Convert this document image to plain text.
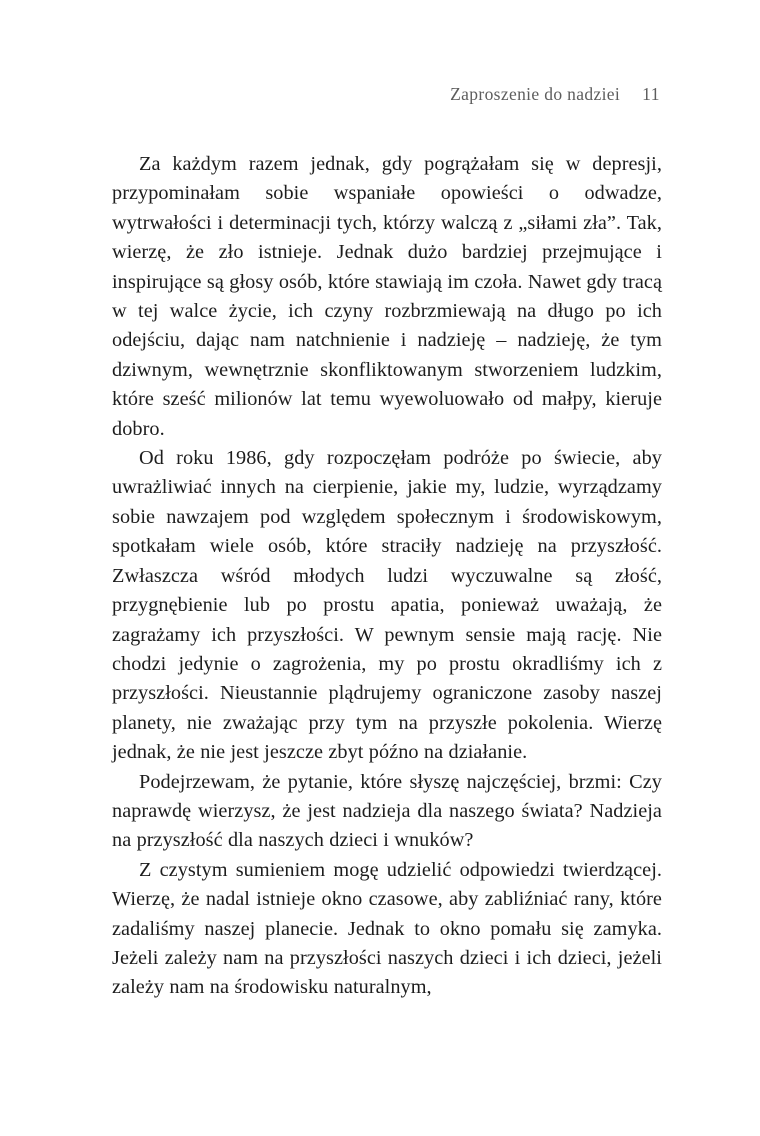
Zaproszenie do nadziei 11

Za każdym razem jednak, gdy pogrążałam się w depresji, przypominałam sobie wspaniałe opowieści o odwadze, wytrwałości i determinacji tych, którzy walczą z „siłami zła”. Tak, wierzę, że zło istnieje. Jednak dużo bardziej przejmujące i inspirujące są głosy osób, które stawiają im czoła. Nawet gdy tracą w tej walce życie, ich czyny rozbrzmiewają na długo po ich odejściu, dając nam natchnienie i nadzieję – nadzieję, że tym dziwnym, wewnętrznie skonfliktowanym stworzeniem ludzkim, które sześć milionów lat temu wyewoluowało od małpy, kieruje dobro.

Od roku 1986, gdy rozpoczęłam podróże po świecie, aby uwrażliwiać innych na cierpienie, jakie my, ludzie, wyrządzamy sobie nawzajem pod względem społecznym i środowiskowym, spotkałam wiele osób, które straciły nadzieję na przyszłość. Zwłaszcza wśród młodych ludzi wyczuwalne są złość, przygnębienie lub po prostu apatia, ponieważ uważają, że zagrażamy ich przyszłości. W pewnym sensie mają rację. Nie chodzi jedynie o zagrożenia, my po prostu okradliśmy ich z przyszłości. Nieustannie plądrujemy ograniczone zasoby naszej planety, nie zważając przy tym na przyszłe pokolenia. Wierzę jednak, że nie jest jeszcze zbyt późno na działanie.

Podejrzewam, że pytanie, które słyszę najczęściej, brzmi: Czy naprawdę wierzysz, że jest nadzieja dla naszego świata? Nadzieja na przyszłość dla naszych dzieci i wnuków?

Z czystym sumieniem mogę udzielić odpowiedzi twierdzącej. Wierzę, że nadal istnieje okno czasowe, aby zabliźniać rany, które zadaliśmy naszej planecie. Jednak to okno pomału się zamyka. Jeżeli zależy nam na przyszłości naszych dzieci i ich dzieci, jeżeli zależy nam na środowisku naturalnym,
